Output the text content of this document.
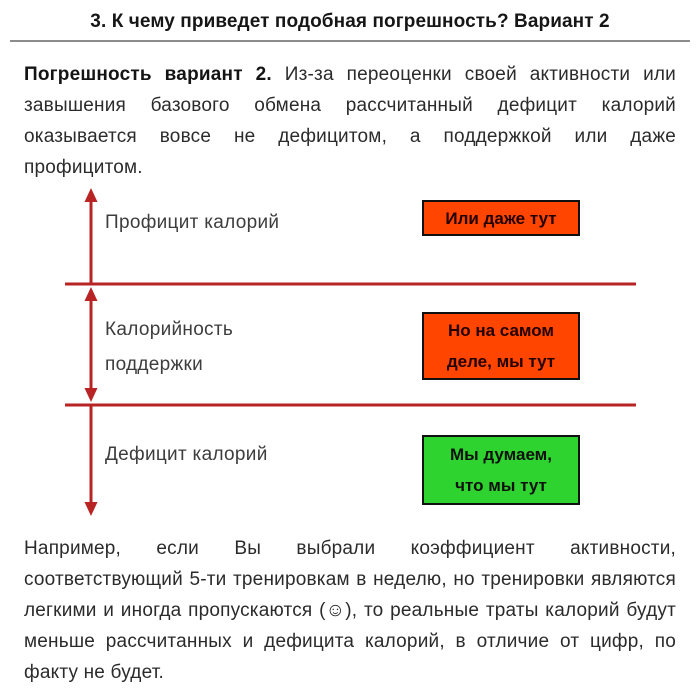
3. К чему приведет подобная погрешность? Вариант 2

Погрешность вариант 2. Из-за переоценки своей активности или завышения базового обмена рассчитанный дефицит калорий оказывается вовсе не дефицитом, а поддержкой или даже профицитом.

Профицит калорий
Калорийность поддержки
Дефицит калорий
Или даже тут
Но на самом деле, мы тут
Мы думаем, что мы тут

Например, если Вы выбрали коэффициент активности, соответствующий 5-ти тренировкам в неделю, но тренировки являются легкими и иногда пропускаются (☺), то реальные траты калорий будут меньше рассчитанных и дефицита калорий, в отличие от цифр, по факту не будет.
